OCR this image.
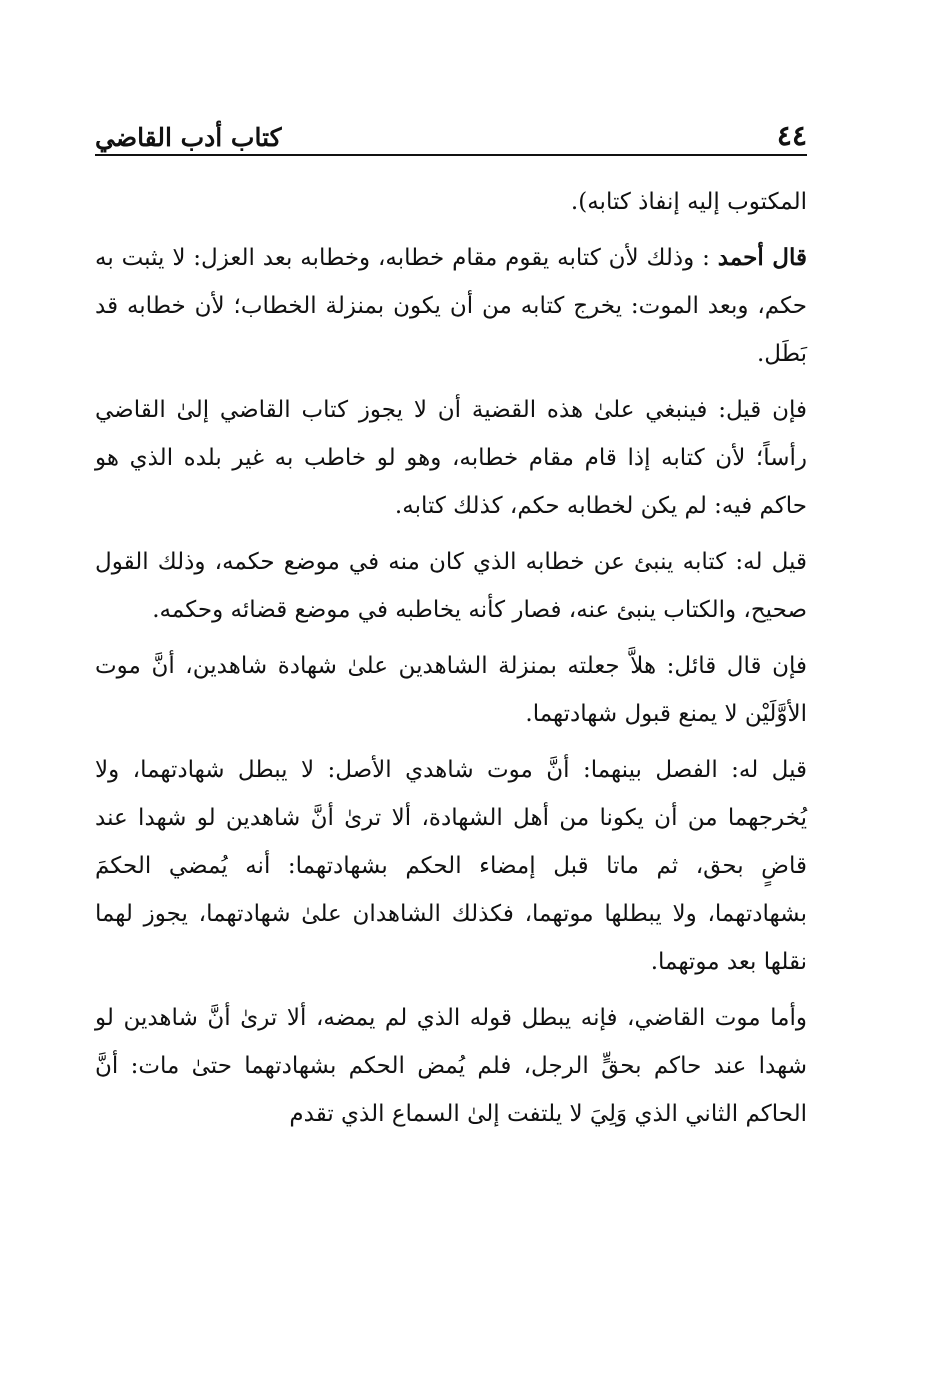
٤٤
كتاب أدب القاضي

المكتوب إليه إنفاذ كتابه).

قال أحمد : وذلك لأن كتابه يقوم مقام خطابه، وخطابه بعد العزل: لا يثبت به حكم، وبعد الموت: يخرج كتابه من أن يكون بمنزلة الخطاب؛ لأن خطابه قد بَطَل.

فإن قيل: فينبغي علىٰ هذه القضية أن لا يجوز كتاب القاضي إلىٰ القاضي رأساً؛ لأن كتابه إذا قام مقام خطابه، وهو لو خاطب به غير بلده الذي هو حاكم فيه: لم يكن لخطابه حكم، كذلك كتابه.

قيل له: كتابه ينبئ عن خطابه الذي كان منه في موضع حكمه، وذلك القول صحيح، والكتاب ينبئ عنه، فصار كأنه يخاطبه في موضع قضائه وحكمه.

فإن قال قائل: هلاَّ جعلته بمنزلة الشاهدين علىٰ شهادة شاهدين، أنَّ موت الأوَّلَيْن لا يمنع قبول شهادتهما.

قيل له: الفصل بينهما: أنَّ موت شاهدي الأصل: لا يبطل شهادتهما، ولا يُخرجهما من أن يكونا من أهل الشهادة، ألا ترىٰ أنَّ شاهدين لو شهدا عند قاضٍ بحق، ثم ماتا قبل إمضاء الحكم بشهادتهما: أنه يُمضي الحكمَ بشهادتهما، ولا يبطلها موتهما، فكذلك الشاهدان علىٰ شهادتهما، يجوز لهما نقلها بعد موتهما.

وأما موت القاضي، فإنه يبطل قوله الذي لم يمضه، ألا ترىٰ أنَّ شاهدين لو شهدا عند حاكم بحقٍّ الرجل، فلم يُمض الحكم بشهادتهما حتىٰ مات: أنَّ الحاكم الثاني الذي وَلِيَ لا يلتفت إلىٰ السماع الذي تقدم
